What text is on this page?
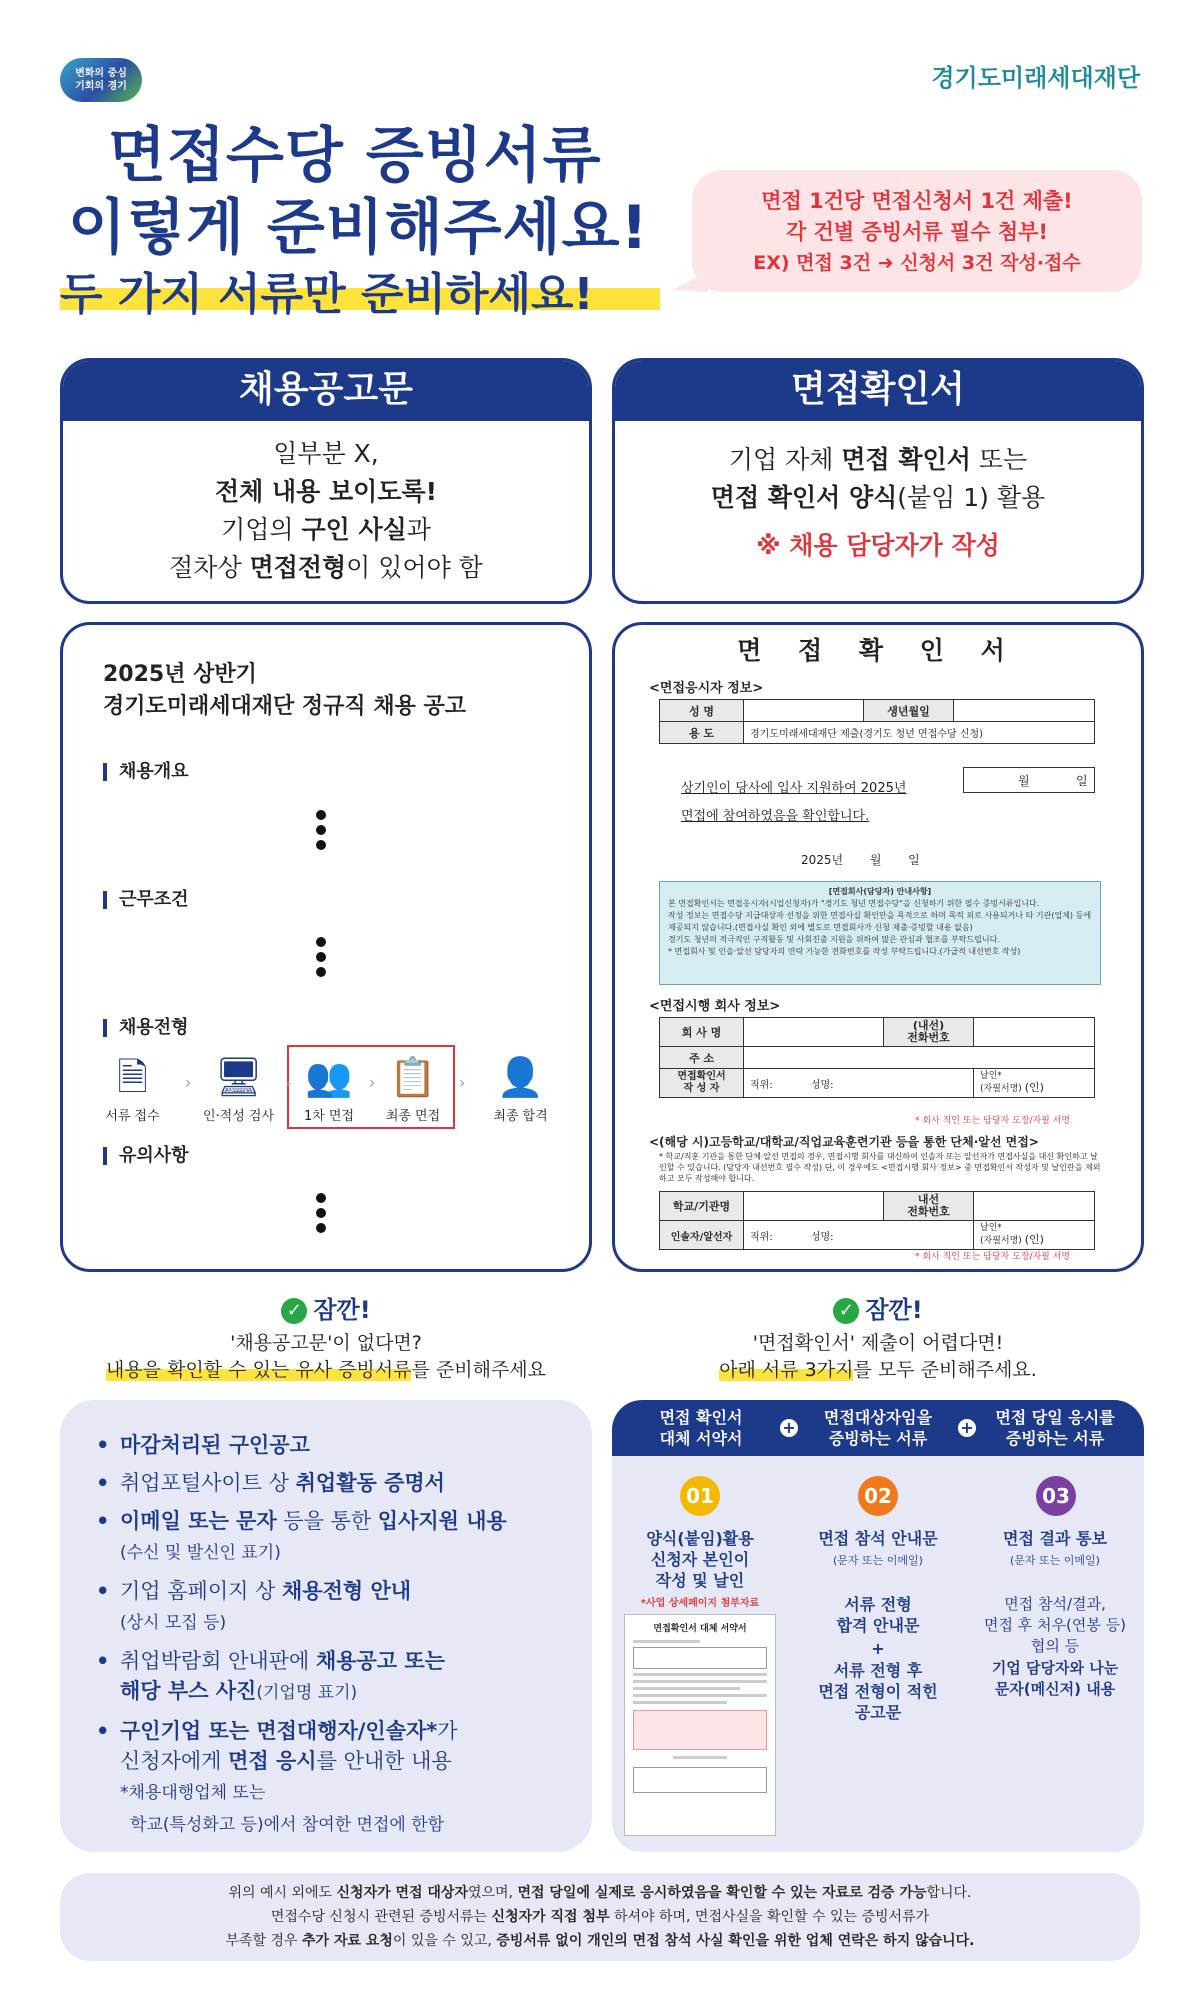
변화의 중심
기회의 경기	경기도미래세대재단
면접수당 증빙서류
이렇게 준비해주세요!
두 가지 서류만 준비하세요!
면접 1건당 면접신청서 1건 제출!
각 건별 증빙서류 필수 첨부!
EX) 면접 3건 ➜ 신청서 3건 작성·접수
채용공고문
일부분 X,
전체 내용 보이도록!
기업의 구인 사실과
절차상 면접전형이 있어야 함
면접확인서
기업 자체 면접 확인서 또는
면접 확인서 양식(붙임 1) 활용
※ 채용 담당자가 작성
2025년 상반기
경기도미래세대재단 정규직 채용 공고
채용개요
근무조건
채용전형
🗎
서류 접수
› 🖥
인·적성 검사
› 👥
1차 면접
› 📋
최종 면접
› 👤
최종 합격
유의사항
면 접 확 인 서
<면접응시자 정보>
성 명		생년월일	
용 도	경기도미래세대재단 제출(경기도 청년 면접수당 신청)		
상기인이 당사에 입사 지원하여 2025년	월	일
면접에 참여하였음을 확인합니다.
2025년       월       일
[면접회사(담당자) 안내사항]
본 면접확인서는 면접응시자(시업신청자)가 "경기도 청년 면접수당"을 신청하기 위한 필수 증빙서류입니다.
작성 정보는 면접수당 지급대상자 선정을 위한 면접사실 확인만을 목적으로 하며 목적 외로 사용되거나 타 기관(업체) 등에 제공되지 않습니다.(면접사실 확인 외에 별도로 면접회사가 신청 제출·증빙할 내용 없음)
경기도 청년의 적극적인 구직활동 및 사회진출 지원을 위하여 많은 관심과 협조를 부탁드립니다.
* 면접회사 및 인솔·알선 담당자의 연락 가능한 전화번호를 작성 부탁드립니다.(가급적 내선번호 작성)
<면접시행 회사 정보>
회 사 명		(내선)
전화번호	
주 소			
면접확인서
작 성 자	직위: 성명:		날인*
(자필서명) (인)
* 회사 직인 또는 담당자 도장/자필 서명
<(해당 시)고등학교/대학교/직업교육훈련기관 등을 통한 단체·알선 면접>
* 학교/직훈 기관을 통한 단체·알선 면접의 경우, 면접시행 회사를 대신하여 인솔자 또는 알선자가 면접사실을 대신 확인하고 날인할 수 있습니다. (담당자 내선번호 필수 작성) 단, 이 경우에도 <면접시행 회사 정보> 중 면접확인서 작성자 및 날인란을 제외하고 모두 작성해야 합니다.
학교/기관명		내선
전화번호	
인솔자/알선자	직위: 성명:		날인*
(자필서명) (인)
* 회사 직인 또는 담당자 도장/자필 서명
✓ 잠깐!
'채용공고문'이 없다면?
내용을 확인할 수 있는 유사 증빙서류를 준비해주세요
✓ 잠깐!
'면접확인서' 제출이 어렵다면!
아래 서류 3가지를 모두 준비해주세요.
• 마감처리된 구인공고
• 취업포털사이트 상 취업활동 증명서
• 이메일 또는 문자 등을 통한 입사지원 내용
(수신 및 발신인 표기)
• 기업 홈페이지 상 채용전형 안내
(상시 모집 등)
• 취업박람회 안내판에 채용공고 또는
해당 부스 사진(기업명 표기)
• 구인기업 또는 면접대행자/인솔자*가
신청자에게 면접 응시를 안내한 내용
*채용대행업체 또는
학교(특성화고 등)에서 참여한 면접에 한함
면접 확인서
대체 서약서
면접대상자임을
증빙하는 서류
면접 당일 응시를
증빙하는 서류
+	+
01
양식(붙임)활용
신청자 본인이
작성 및 날인
*사업 상세페이지 첨부자료
면접확인서 대체 서약서
02
면접 참석 안내문
(문자 또는 이메일)
서류 전형
합격 안내문
+
서류 전형 후
면접 전형이 적힌
공고문
03
면접 결과 통보
(문자 또는 이메일)
면접 참석/결과,
면접 후 처우(연봉 등)
협의 등
기업 담당자와 나눈
문자(메신저) 내용
위의 예시 외에도 신청자가 면접 대상자였으며, 면접 당일에 실제로 응시하였음을 확인할 수 있는 자료로 검증 가능합니다.
면접수당 신청시 관련된 증빙서류는 신청자가 직접 첨부 하셔야 하며, 면접사실을 확인할 수 있는 증빙서류가
부족할 경우 추가 자료 요청이 있을 수 있고, 증빙서류 없이 개인의 면접 참석 사실 확인을 위한 업체 연락은 하지 않습니다.
